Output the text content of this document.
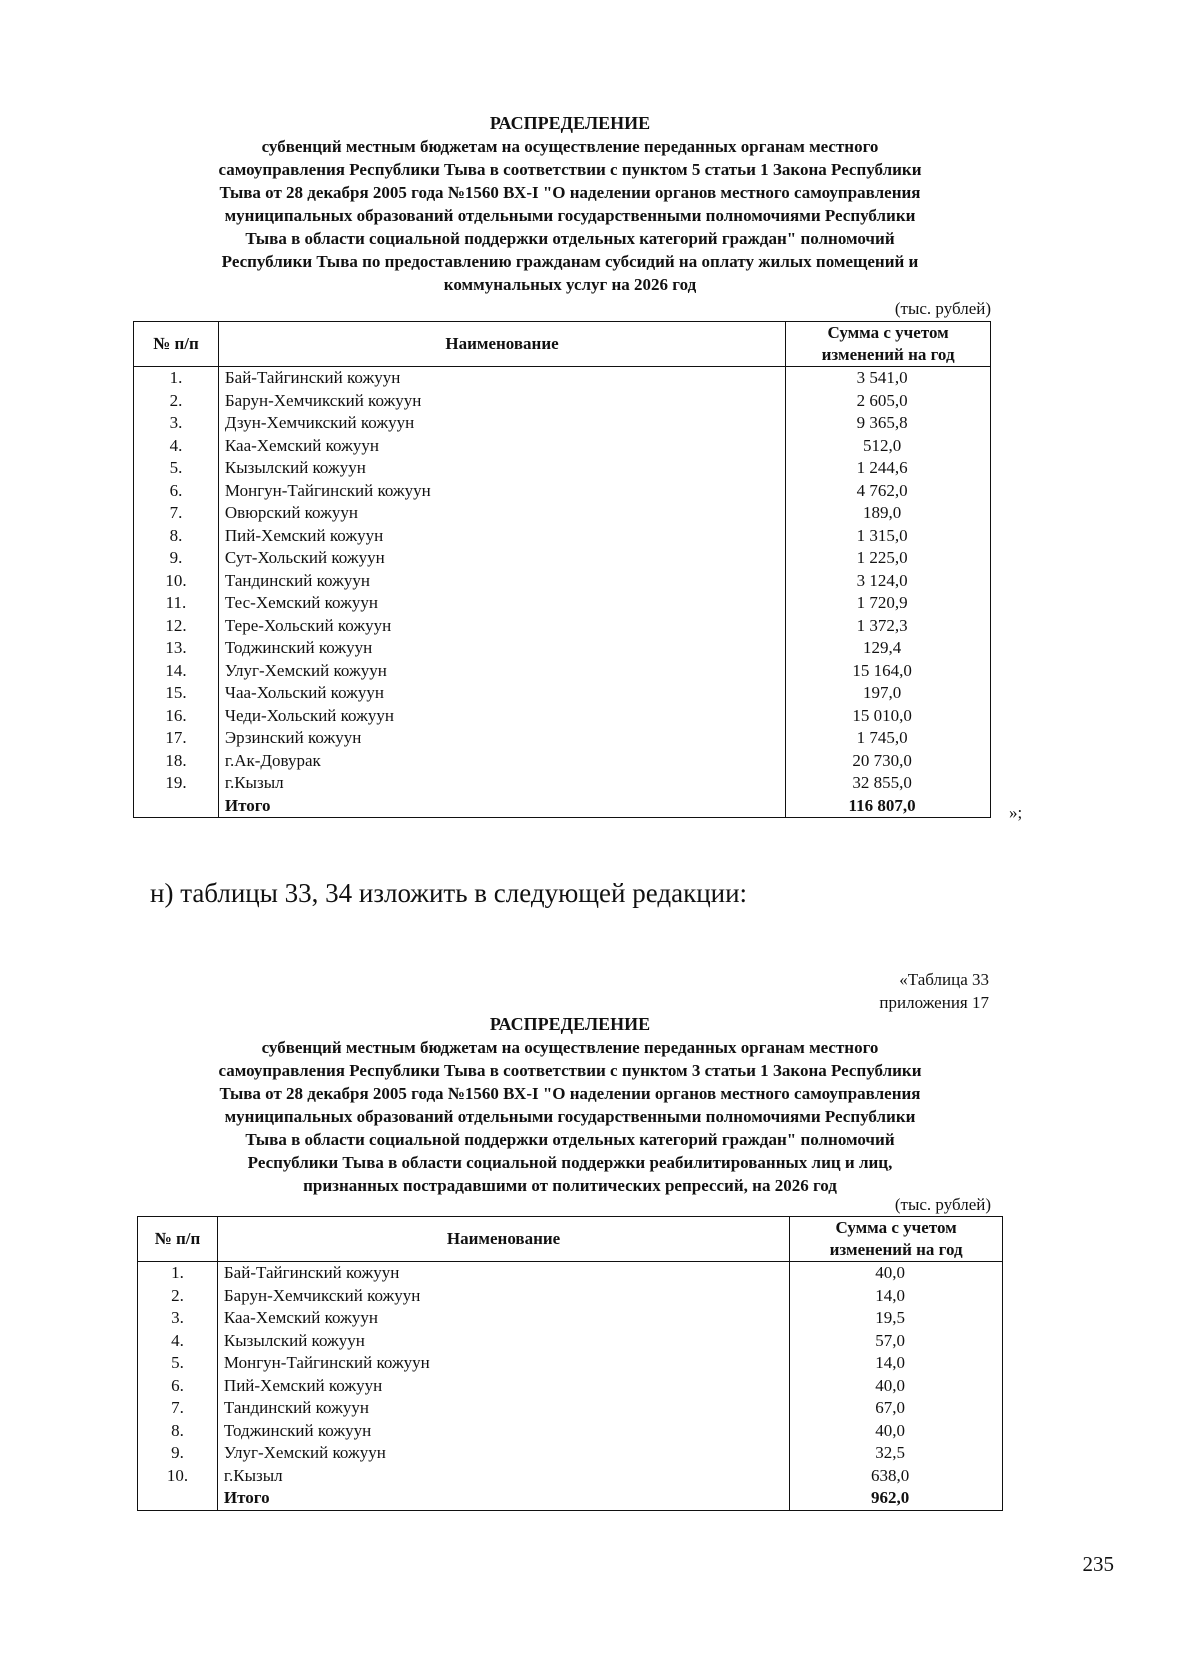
РАСПРЕДЕЛЕНИЕ
субвенций местным бюджетам на осуществление переданных органам местного
самоуправления Республики Тыва в соответствии с пунктом 5 статьи 1 Закона Республики
Тыва от 28 декабря 2005 года №1560 ВХ-I "О наделении органов местного самоуправления
муниципальных образований отдельными государственными полномочиями Республики
Тыва в области социальной поддержки отдельных категорий граждан" полномочий
Республики Тыва по предоставлению гражданам субсидий на оплату жилых помещений и
коммунальных услуг на 2026 год
(тыс. рублей)
№ п/п	Наименование	Сумма с учетом
изменений на год

1.	Бай-Тайгинский кожуун	3 541,0
2.	Барун-Хемчикский кожуун	2 605,0
3.	Дзун-Хемчикский кожуун	9 365,8
4.	Каа-Хемский кожуун	512,0
5.	Кызылский кожуун	1 244,6
6.	Монгун-Тайгинский кожуун	4 762,0
7.	Овюрский кожуун	189,0
8.	Пий-Хемский кожуун	1 315,0
9.	Сут-Хольский кожуун	1 225,0
10.	Тандинский кожуун	3 124,0
11.	Тес-Хемский кожуун	1 720,9
12.	Тере-Хольский кожуун	1 372,3
13.	Тоджинский кожуун	129,4
14.	Улуг-Хемский кожуун	15 164,0
15.	Чаа-Хольский кожуун	197,0
16.	Чеди-Хольский кожуун	15 010,0
17.	Эрзинский кожуун	1 745,0
18.	г.Ак-Довурак	20 730,0
19.	г.Кызыл	32 855,0
	Итого	116 807,0	»;
н) таблицы 33, 34 изложить в следующей редакции:
«Таблица 33
приложения 17
РАСПРЕДЕЛЕНИЕ
субвенций местным бюджетам на осуществление переданных органам местного
самоуправления Республики Тыва в соответствии с пунктом 3 статьи 1 Закона Республики
Тыва от 28 декабря 2005 года №1560 ВХ-I "О наделении органов местного самоуправления
муниципальных образований отдельными государственными полномочиями Республики
Тыва в области социальной поддержки отдельных категорий граждан" полномочий
Республики Тыва в области социальной поддержки реабилитированных лиц и лиц,
признанных пострадавшими от политических репрессий, на 2026 год
(тыс. рублей)
№ п/п	Наименование	Сумма с учетом
изменений на год

1.	Бай-Тайгинский кожуун	40,0
2.	Барун-Хемчикский кожуун	14,0
3.	Каа-Хемский кожуун	19,5
4.	Кызылский кожуун	57,0
5.	Монгун-Тайгинский кожуун	14,0
6.	Пий-Хемский кожуун	40,0
7.	Тандинский кожуун	67,0
8.	Тоджинский кожуун	40,0
9.	Улуг-Хемский кожуун	32,5
10.	г.Кызыл	638,0
	Итого	962,0
235
